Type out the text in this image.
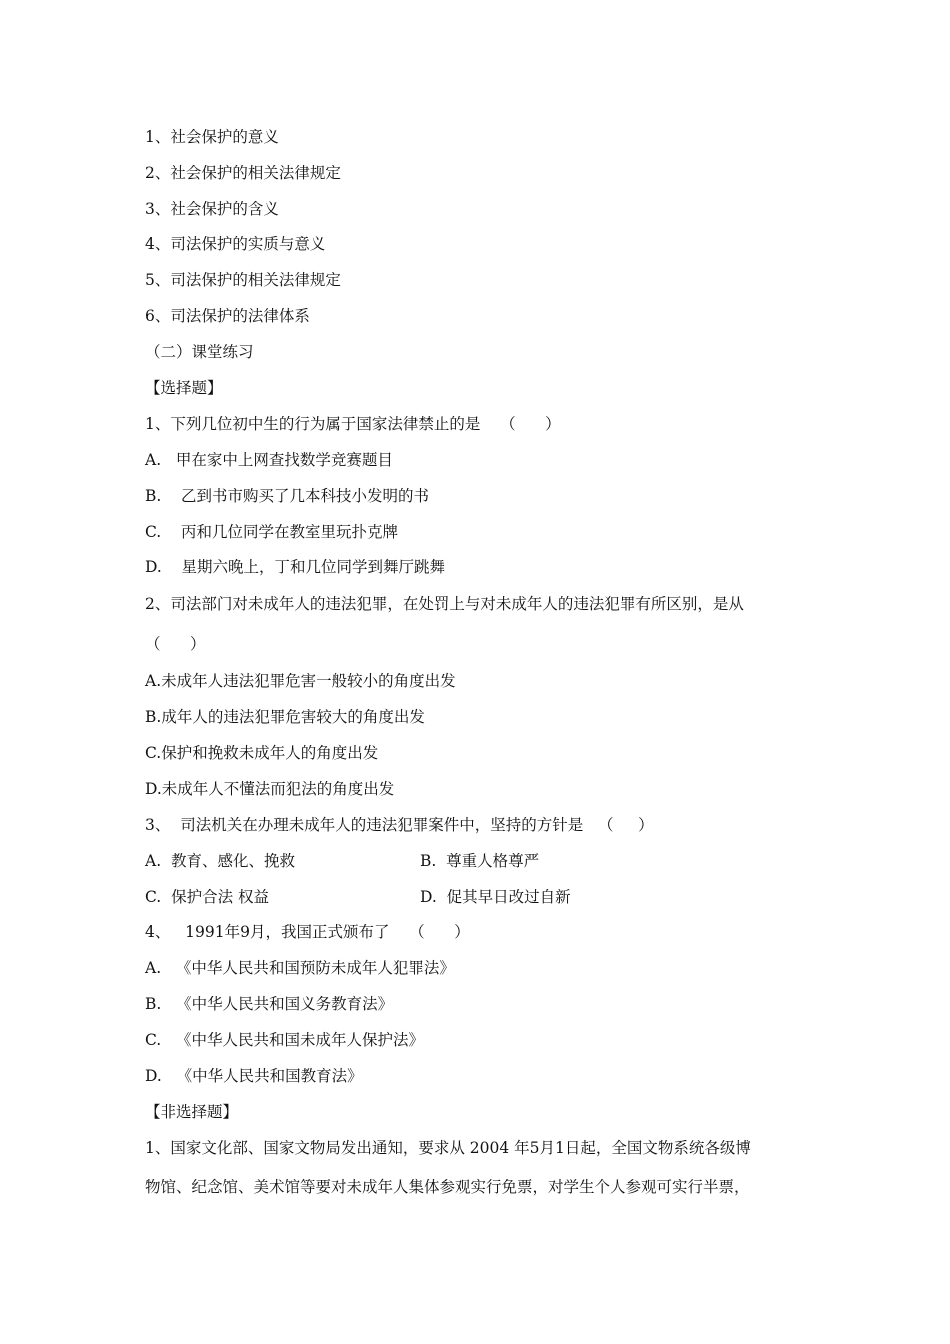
1、社会保护的意义
2、社会保护的相关法律规定
3、社会保护的含义
4、司法保护的实质与意义
5、司法保护的相关法律规定
6、司法保护的法律体系
（二）课堂练习
【选择题】
1、下列几位初中生的行为属于国家法律禁止的是    （      ）
A.   甲在家中上网查找数学竞赛题目
B.    乙到书市购买了几本科技小发明的书
C.    丙和几位同学在教室里玩扑克牌
D.    星期六晚上，丁和几位同学到舞厅跳舞
2、司法部门对未成年人的违法犯罪，在处罚上与对未成年人的违法犯罪有所区别，是从
（      ）
A.未成年人违法犯罪危害一般较小的角度出发
B.成年人的违法犯罪危害较大的角度出发
C.保护和挽救未成年人的角度出发
D.未成年人不懂法而犯法的角度出发
3、  司法机关在办理未成年人的违法犯罪案件中，坚持的方针是   （     ）
A.  教育、感化、挽救	B.  尊重人格尊严
C.  保护合法 权益	D.  促其早日改过自新
4、   1991年9月，我国正式颁布了    （      ）
A.   《中华人民共和国预防未成年人犯罪法》
B.   《中华人民共和国义务教育法》
C.   《中华人民共和国未成年人保护法》
D.   《中华人民共和国教育法》
【非选择题】
1、国家文化部、国家文物局发出通知，要求从 2004 年5月1日起，全国文物系统各级博
物馆、纪念馆、美术馆等要对未成年人集体参观实行免票，对学生个人参观可实行半票，
